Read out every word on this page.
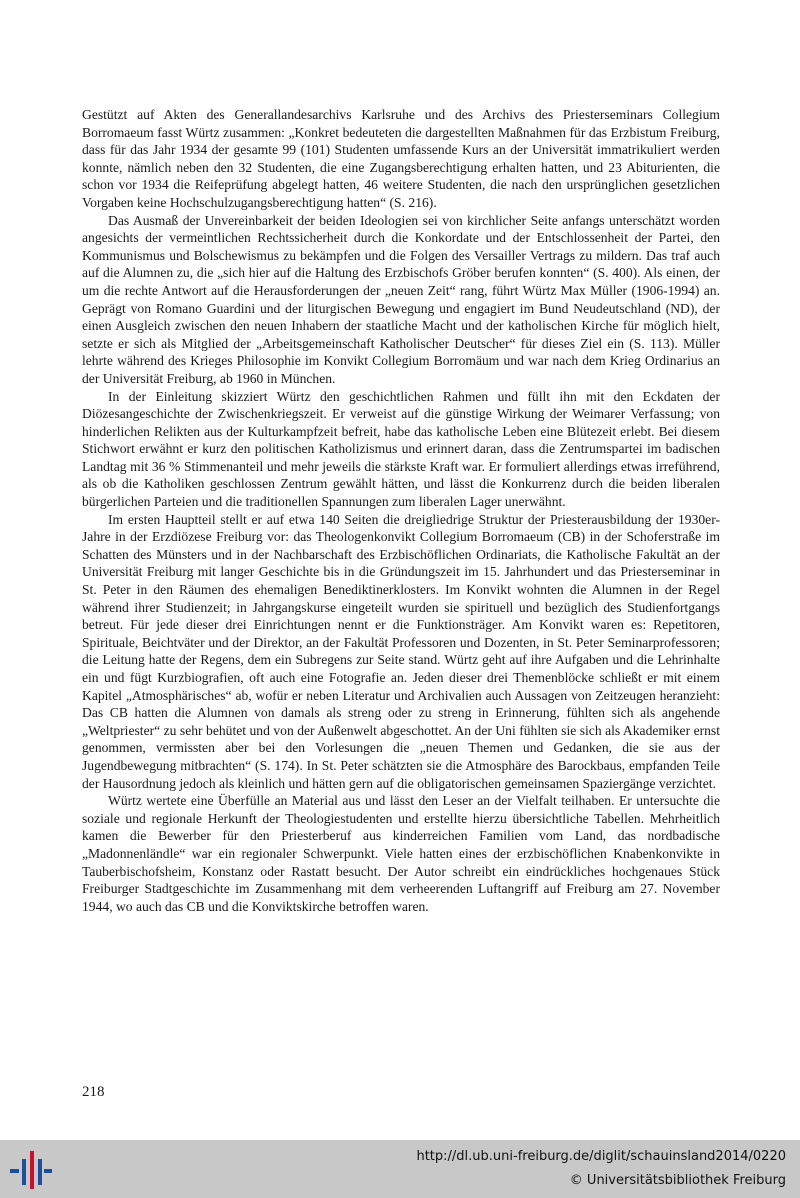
Gestützt auf Akten des Generallandesarchivs Karlsruhe und des Archivs des Priesterseminars Collegium Borromaeum fasst Würtz zusammen: „Konkret bedeuteten die dargestellten Maßnahmen für das Erzbistum Freiburg, dass für das Jahr 1934 der gesamte 99 (101) Studenten umfassende Kurs an der Universität immatrikuliert werden konnte, nämlich neben den 32 Studenten, die eine Zugangsberechtigung erhalten hatten, und 23 Abiturienten, die schon vor 1934 die Reifeprüfung abgelegt hatten, 46 weitere Studenten, die nach den ursprünglichen gesetzlichen Vorgaben keine Hochschulzugangsberechtigung hatten“ (S. 216).

Das Ausmaß der Unvereinbarkeit der beiden Ideologien sei von kirchlicher Seite anfangs unterschätzt worden angesichts der vermeintlichen Rechtssicherheit durch die Konkordate und der Entschlossenheit der Partei, den Kommunismus und Bolschewismus zu bekämpfen und die Folgen des Versailler Vertrags zu mildern. Das traf auch auf die Alumnen zu, die „sich hier auf die Haltung des Erzbischofs Gröber berufen konnten“ (S. 400). Als einen, der um die rechte Antwort auf die Herausforderungen der „neuen Zeit“ rang, führt Würtz Max Müller (1906-1994) an. Geprägt von Romano Guardini und der liturgischen Bewegung und engagiert im Bund Neudeutschland (ND), der einen Ausgleich zwischen den neuen Inhabern der staatliche Macht und der katholischen Kirche für möglich hielt, setzte er sich als Mitglied der „Arbeitsgemeinschaft Katholischer Deutscher“ für dieses Ziel ein (S. 113). Müller lehrte während des Krieges Philosophie im Konvikt Collegium Borromäum und war nach dem Krieg Ordinarius an der Universität Freiburg, ab 1960 in München.

In der Einleitung skizziert Würtz den geschichtlichen Rahmen und füllt ihn mit den Eckdaten der Diözesangeschichte der Zwischenkriegszeit. Er verweist auf die günstige Wirkung der Weimarer Verfassung; von hinderlichen Relikten aus der Kulturkampfzeit befreit, habe das katholische Leben eine Blütezeit erlebt. Bei diesem Stichwort erwähnt er kurz den politischen Katholizismus und erinnert daran, dass die Zentrumspartei im badischen Landtag mit 36 % Stimmenanteil und mehr jeweils die stärkste Kraft war. Er formuliert allerdings etwas irreführend, als ob die Katholiken geschlossen Zentrum gewählt hätten, und lässt die Konkurrenz durch die beiden liberalen bürgerlichen Parteien und die traditionellen Spannungen zum liberalen Lager unerwähnt.

Im ersten Hauptteil stellt er auf etwa 140 Seiten die dreigliedrige Struktur der Priesterausbildung der 1930er-Jahre in der Erzdiözese Freiburg vor: das Theologenkonvikt Collegium Borromaeum (CB) in der Schoferstraße im Schatten des Münsters und in der Nachbarschaft des Erzbischöflichen Ordinariats, die Katholische Fakultät an der Universität Freiburg mit langer Geschichte bis in die Gründungszeit im 15. Jahrhundert und das Priesterseminar in St. Peter in den Räumen des ehemaligen Benediktinerklosters. Im Konvikt wohnten die Alumnen in der Regel während ihrer Studienzeit; in Jahrgangskurse eingeteilt wurden sie spirituell und bezüglich des Studienfortgangs betreut. Für jede dieser drei Einrichtungen nennt er die Funktionsträger. Am Konvikt waren es: Repetitoren, Spirituale, Beichtväter und der Direktor, an der Fakultät Professoren und Dozenten, in St. Peter Seminarprofessoren; die Leitung hatte der Regens, dem ein Subregens zur Seite stand. Würtz geht auf ihre Aufgaben und die Lehrinhalte ein und fügt Kurzbiografien, oft auch eine Fotografie an. Jeden dieser drei Themenblöcke schließt er mit einem Kapitel „Atmosphärisches“ ab, wofür er neben Literatur und Archivalien auch Aussagen von Zeitzeugen heranzieht: Das CB hatten die Alumnen von damals als streng oder zu streng in Erinnerung, fühlten sich als angehende „Weltpriester“ zu sehr behütet und von der Außenwelt abgeschottet. An der Uni fühlten sie sich als Akademiker ernst genommen, vermissten aber bei den Vorlesungen die „neuen Themen und Gedanken, die sie aus der Jugendbewegung mitbrachten“ (S. 174). In St. Peter schätzten sie die Atmosphäre des Barockbaus, empfanden Teile der Hausordnung jedoch als kleinlich und hätten gern auf die obligatorischen gemeinsamen Spaziergänge verzichtet.

Würtz wertete eine Überfülle an Material aus und lässt den Leser an der Vielfalt teilhaben. Er untersuchte die soziale und regionale Herkunft der Theologiestudenten und erstellte hierzu übersichtliche Tabellen. Mehrheitlich kamen die Bewerber für den Priesterberuf aus kinderreichen Familien vom Land, das nordbadische „Madonnenländle“ war ein regionaler Schwerpunkt. Viele hatten eines der erzbischöflichen Knabenkonvikte in Tauberbischofsheim, Konstanz oder Rastatt besucht. Der Autor schreibt ein eindrückliches hochgenaues Stück Freiburger Stadtgeschichte im Zusammenhang mit dem verheerenden Luftangriff auf Freiburg am 27. November 1944, wo auch das CB und die Konviktskirche betroffen waren.

218
http://dl.ub.uni-freiburg.de/diglit/schauinsland2014/0220
© Universitätsbibliothek Freiburg
